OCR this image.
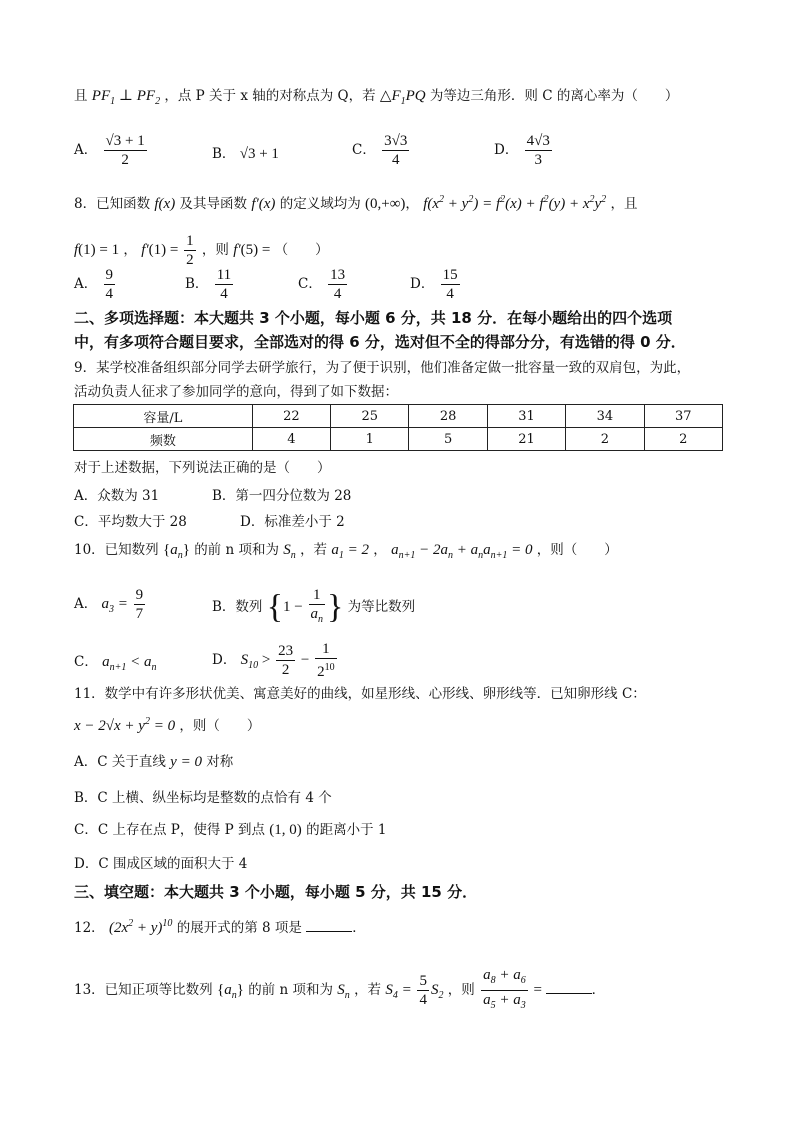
且 $PF_1$ ⊥ $PF_2$ ，点 P 关于 x 轴的对称点为 Q，若 $\triangle F_1PQ$ 为等边三角形．则 C 的离心率为（　　）
A． $\frac{√3 + 1}{2}$	B． √3 + 1	C． $\frac{3√3}{4}$	D． $\frac{4√3}{3}$
8．已知函数 f(x) 及其导函数 f′(x) 的定义域均为 (0,+∞)， $f(x^2 + y^2) = f^2(x) + f^2(y) + x^2y^2$ ，且
f(1) = 1 ， $f'(1) = \frac{1}{2}$ ，则 f′(5) = （　　）
A． $\frac{9}{4}$	B． $\frac{11}{4}$	C． $\frac{13}{4}$	D． $\frac{15}{4}$
二、多项选择题：本大题共 3 个小题，每小题 6 分，共 18 分．在每小题给出的四个选项
中，有多项符合题目要求，全部选对的得 6 分，选对但不全的得部分分，有选错的得 0 分．
9．某学校准备组织部分同学去研学旅行，为了便于识别，他们准备定做一批容量一致的双肩包，为此，
活动负责人征求了参加同学的意向，得到了如下数据：
容量/L	22	25	28	31	34	37
频数	4	1	5	21	2	2
对于上述数据，下列说法正确的是（　　）
A．众数为 31	B．第一四分位数为 28
C．平均数大于 28	D．标准差小于 2
10．已知数列 $\{a_n\}$ 的前 n 项和为 $S_n$ ，若 $a_1 = 2$ ， $a_{n+1} - 2a_n + a_na_{n+1} = 0$ ，则（　　）
A． $a_3 = \frac{9}{7}$	B．数列 {$1 - \frac{1}{a_n}$ } 为等比数列
C． $a_{n+1} < a_n$	D． $S_{10} > \frac{23}{2} - \frac{1}{2^{10}}$
11．数学中有许多形状优美、寓意美好的曲线，如星形线、心形线、卵形线等．已知卵形线 C：
$x - 2√x + y^2 = 0$ ，则（　　）
A．C 关于直线 y = 0 对称
B．C 上横、纵坐标均是整数的点恰有 4 个
C．C 上存在点 P，使得 P 到点 (1, 0) 的距离小于 1
D．C 围成区域的面积大于 4
三、填空题：本大题共 3 个小题，每小题 5 分，共 15 分．
12． $(2x^2 + y)^{10}$ 的展开式的第 8 项是	．
13．已知正项等比数列 $\{a_n\}$ 的前 n 项和为 $S_n$ ，若 $S_4 = \frac{5}{4} S_2$ ，则 $\frac{a_8 + a_6}{a_5 + a_3}$ =	．
